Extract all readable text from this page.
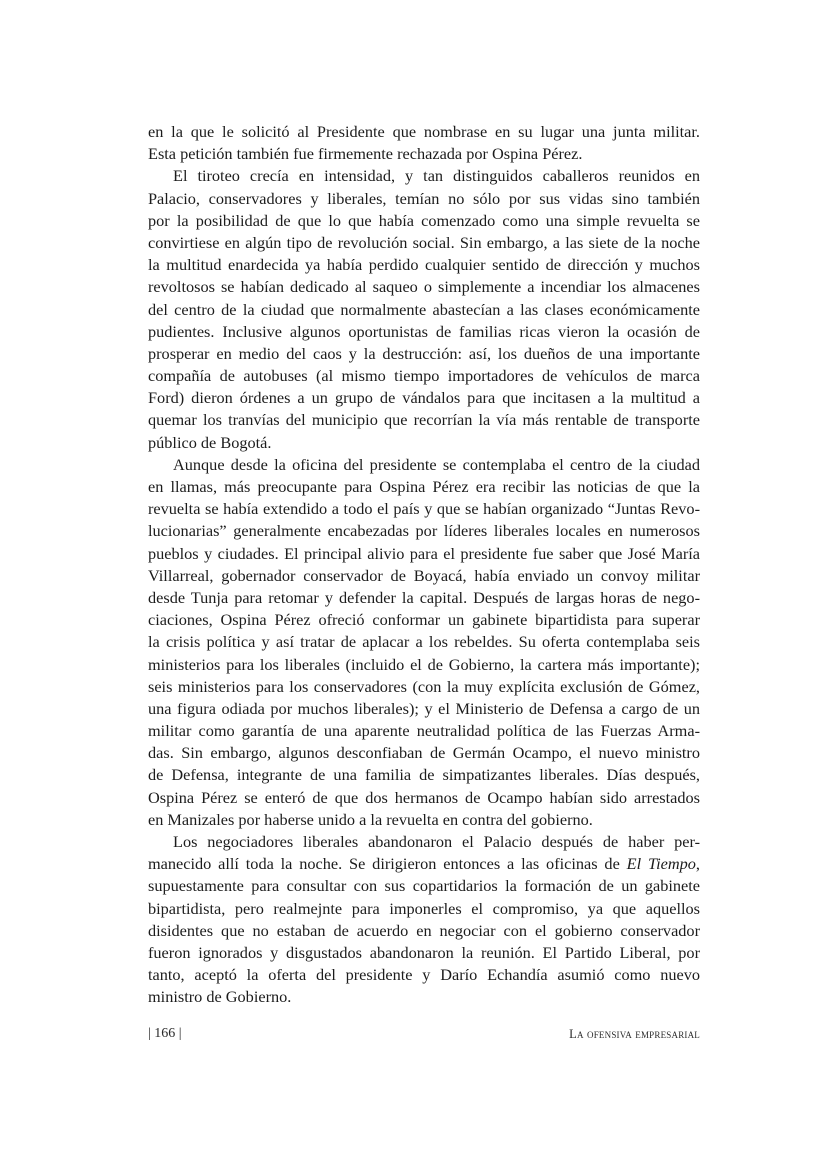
en la que le solicitó al Presidente que nombrase en su lugar una junta militar.
Esta petición también fue firmemente rechazada por Ospina Pérez.
El tiroteo crecía en intensidad, y tan distinguidos caballeros reunidos en
Palacio, conservadores y liberales, temían no sólo por sus vidas sino también
por la posibilidad de que lo que había comenzado como una simple revuelta se
convirtiese en algún tipo de revolución social. Sin embargo, a las siete de la noche
la multitud enardecida ya había perdido cualquier sentido de dirección y muchos
revoltosos se habían dedicado al saqueo o simplemente a incendiar los almacenes
del centro de la ciudad que normalmente abastecían a las clases económicamente
pudientes. Inclusive algunos oportunistas de familias ricas vieron la ocasión de
prosperar en medio del caos y la destrucción: así, los dueños de una importante
compañía de autobuses (al mismo tiempo importadores de vehículos de marca
Ford) dieron órdenes a un grupo de vándalos para que incitasen a la multitud a
quemar los tranvías del municipio que recorrían la vía más rentable de transporte
público de Bogotá.
Aunque desde la oficina del presidente se contemplaba el centro de la ciudad
en llamas, más preocupante para Ospina Pérez era recibir las noticias de que la
revuelta se había extendido a todo el país y que se habían organizado “Juntas Revo-
lucionarias” generalmente encabezadas por líderes liberales locales en numerosos
pueblos y ciudades. El principal alivio para el presidente fue saber que José María
Villarreal, gobernador conservador de Boyacá, había enviado un convoy militar
desde Tunja para retomar y defender la capital. Después de largas horas de nego-
ciaciones, Ospina Pérez ofreció conformar un gabinete bipartidista para superar
la crisis política y así tratar de aplacar a los rebeldes. Su oferta contemplaba seis
ministerios para los liberales (incluido el de Gobierno, la cartera más importante);
seis ministerios para los conservadores (con la muy explícita exclusión de Gómez,
una figura odiada por muchos liberales); y el Ministerio de Defensa a cargo de un
militar como garantía de una aparente neutralidad política de las Fuerzas Arma-
das. Sin embargo, algunos desconfiaban de Germán Ocampo, el nuevo ministro
de Defensa, integrante de una familia de simpatizantes liberales. Días después,
Ospina Pérez se enteró de que dos hermanos de Ocampo habían sido arrestados
en Manizales por haberse unido a la revuelta en contra del gobierno.
Los negociadores liberales abandonaron el Palacio después de haber per-
manecido allí toda la noche. Se dirigieron entonces a las oficinas de El Tiempo,
supuestamente para consultar con sus copartidarios la formación de un gabinete
bipartidista, pero realmejnte para imponerles el compromiso, ya que aquellos
disidentes que no estaban de acuerdo en negociar con el gobierno conservador
fueron ignorados y disgustados abandonaron la reunión. El Partido Liberal, por
tanto, aceptó la oferta del presidente y Darío Echandía asumió como nuevo
ministro de Gobierno.
| 166 |	La ofensiva empresarial
